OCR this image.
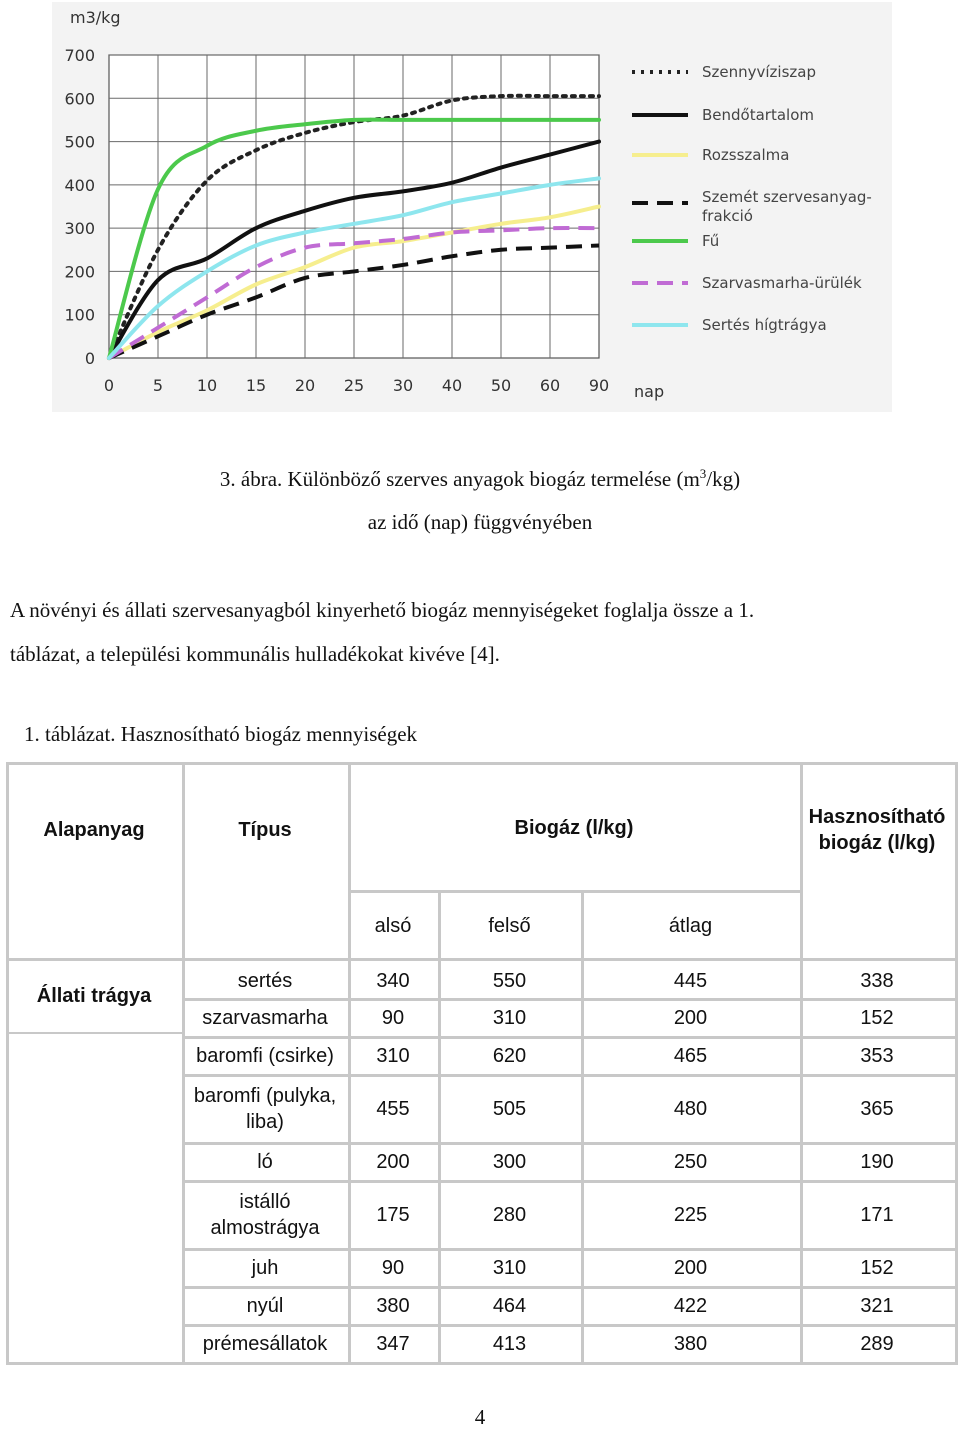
0
100
200
300
400
500
600
700
0 5 10 15 20 25 30 40 50 60 90
m3/kg
nap
Szennyvíziszap
Bendőtartalom
Rozsszalma
Szemét szervesanyag-
frakció
Fű
Szarvasmarha-ürülék
Sertés hígtrágya
3. ábra. Különböző szerves anyagok biogáz termelése $(m^3/kg)$
az idő (nap) függvényében
A növényi és állati szervesanyagból kinyerhető biogáz mennyiségeket foglalja össze a 1.
táblázat, a települési kommunális hulladékokat kivéve [4].
1. táblázat. Hasznosítható biogáz mennyiségek
Alapanyag	Típus	Biogáz (l/kg)	Hasznosítható
biogáz (l/kg)
alsó	felső	átlag
Állati trágya
sertés	340	550	445	338
szarvasmarha	90	310	200	152
baromfi (csirke)	310	620	465	353
baromfi (pulyka,
liba)
455	505	480	365
ló	200	300	250	190
istálló
almostrágya
175	280	225	171
juh	90	310	200	152
nyúl	380	464	422	321
prémesállatok	347	413	380	289
4
